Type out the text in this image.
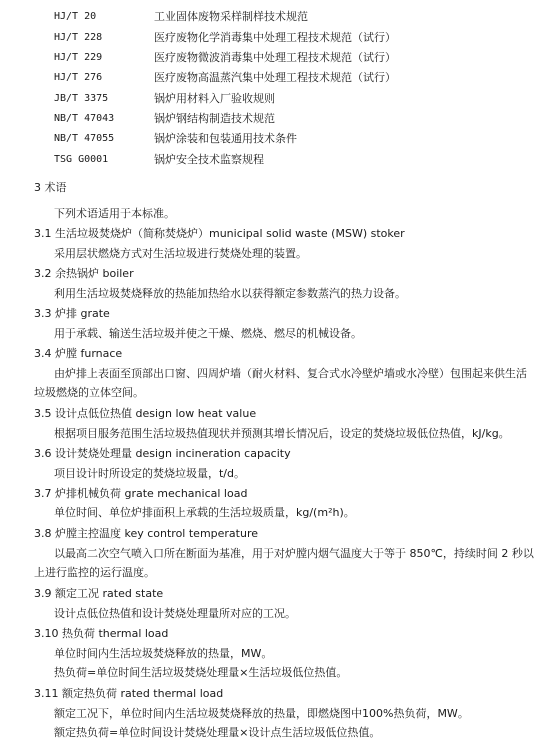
HJ/T 20	工业固体废物采样制样技术规范
HJ/T 228	医疗废物化学消毒集中处理工程技术规范（试行）
HJ/T 229	医疗废物微波消毒集中处理工程技术规范（试行）
HJ/T 276	医疗废物高温蒸汽集中处理工程技术规范（试行）
JB/T 3375	锅炉用材料入厂验收规则
NB/T 47043	锅炉钢结构制造技术规范
NB/T 47055	锅炉涂装和包装通用技术条件
TSG G0001	锅炉安全技术监察规程
3 术语
下列术语适用于本标准。
3.1 生活垃圾焚烧炉（简称焚烧炉）municipal solid waste (MSW) stoker
采用层状燃烧方式对生活垃圾进行焚烧处理的装置。
3.2 余热锅炉 boiler
利用生活垃圾焚烧释放的热能加热给水以获得额定参数蒸汽的热力设备。
3.3 炉排 grate
用于承载、输送生活垃圾并使之干燥、燃烧、燃尽的机械设备。
3.4 炉膛 furnace
由炉排上表面至顶部出口窗、四周炉墙（耐火材料、复合式水冷壁炉墙或水冷壁）包围起来供生活
垃圾燃烧的立体空间。
3.5 设计点低位热值 design low heat value
根据项目服务范围生活垃圾热值现状并预测其增长情况后，设定的焚烧垃圾低位热值，kJ/kg。
3.6 设计焚烧处理量 design incineration capacity
项目设计时所设定的焚烧垃圾量，t/d。
3.7 炉排机械负荷 grate mechanical load
单位时间、单位炉排面积上承载的生活垃圾质量，kg/(m²h)。
3.8 炉膛主控温度 key control temperature
以最高二次空气喷入口所在断面为基准，用于对炉膛内烟气温度大于等于 850℃，持续时间 2 秒以
上进行监控的运行温度。
3.9 额定工况 rated state
设计点低位热值和设计焚烧处理量所对应的工况。
3.10 热负荷 thermal load
单位时间内生活垃圾焚烧释放的热量，MW。
热负荷=单位时间生活垃圾焚烧处理量×生活垃圾低位热值。
3.11 额定热负荷 rated thermal load
额定工况下，单位时间内生活垃圾焚烧释放的热量，即燃烧图中100%热负荷，MW。
额定热负荷=单位时间设计焚烧处理量×设计点生活垃圾低位热值。
